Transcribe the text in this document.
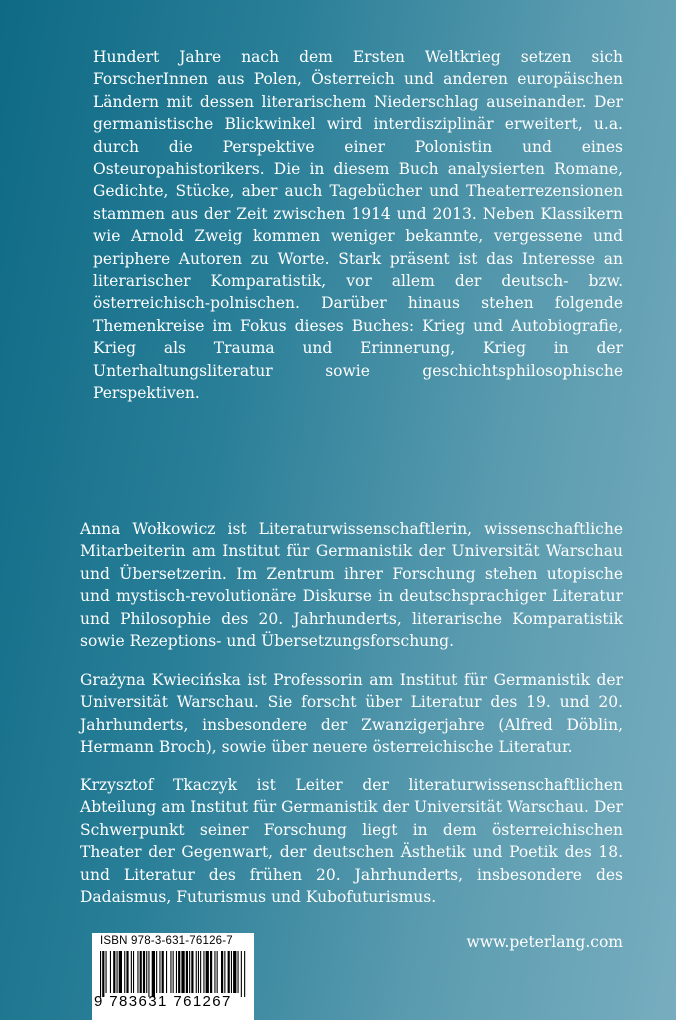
Hundert Jahre nach dem Ersten Weltkrieg setzen sich ForscherInnen aus Polen, Österreich und anderen europäischen Ländern mit dessen literarischem Niederschlag auseinander. Der germanistische Blickwinkel wird interdisziplinär erweitert, u.a. durch die Perspektive einer Polonistin und eines Osteuropahistorikers. Die in diesem Buch analysierten Romane, Gedichte, Stücke, aber auch Tagebücher und Theaterrezensionen stammen aus der Zeit zwischen 1914 und 2013. Neben Klassikern wie Arnold Zweig kommen weniger bekannte, vergessene und periphere Autoren zu Worte. Stark präsent ist das Interesse an literarischer Komparatistik, vor allem der deutsch- bzw. österreichisch-polnischen. Darüber hinaus stehen folgende Themenkreise im Fokus dieses Buches: Krieg und Autobiografie, Krieg als Trauma und Erinnerung, Krieg in der Unterhaltungsliteratur sowie geschichtsphilosophische Perspektiven.

Anna Wołkowicz ist Literaturwissenschaftlerin, wissenschaftliche Mitarbeiterin am Institut für Germanistik der Universität Warschau und Übersetzerin. Im Zentrum ihrer Forschung stehen utopische und mystisch-revolutionäre Diskurse in deutschsprachiger Literatur und Philosophie des 20. Jahrhunderts, literarische Komparatistik sowie Rezeptions- und Übersetzungsforschung.

Grażyna Kwiecińska ist Professorin am Institut für Germanistik der Universität Warschau. Sie forscht über Literatur des 19. und 20. Jahrhunderts, insbesondere der Zwanzigerjahre (Alfred Döblin, Hermann Broch), sowie über neuere österreichische Literatur.

Krzysztof Tkaczyk ist Leiter der literaturwissenschaftlichen Abteilung am Institut für Germanistik der Universität Warschau. Der Schwerpunkt seiner Forschung liegt in dem österreichischen Theater der Gegenwart, der deutschen Ästhetik und Poetik des 18. und Literatur des frühen 20. Jahrhunderts, insbesondere des Dadaismus, Futurismus und Kubofuturismus.

ISBN 978-3-631-76126-7
9 783631 761267
www.peterlang.com
